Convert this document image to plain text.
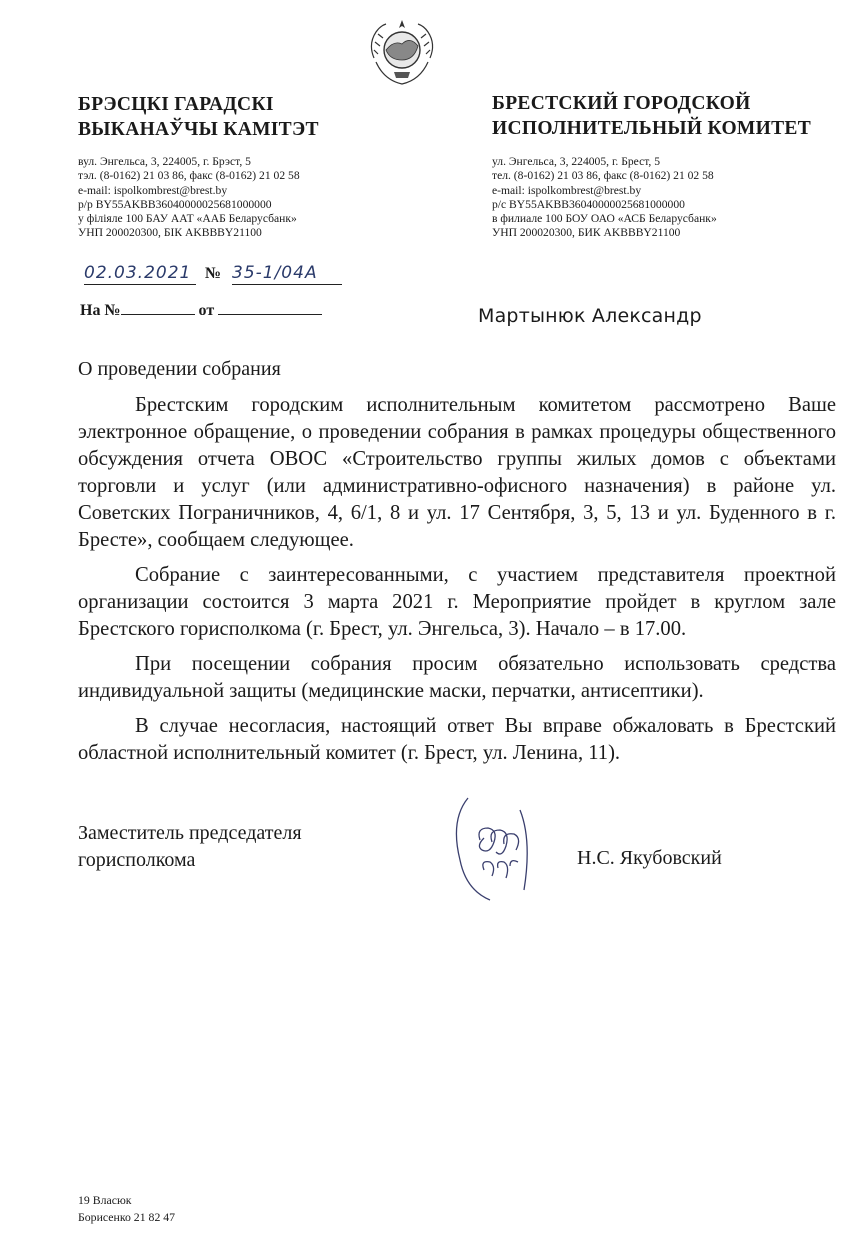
БРЭСЦКІ ГАРАДСКІ
ВЫКАНАЎЧЫ КАМІТЭТ
БРЕСТСКИЙ ГОРОДСКОЙ
ИСПОЛНИТЕЛЬНЫЙ КОМИТЕТ
вул. Энгельса, 3, 224005, г. Брэст, 5
тэл. (8-0162) 21 03 86, факс (8-0162) 21 02 58
e-mail: ispolkombrest@brest.by
р/р BY55AKBB36040000025681000000
у філіяле 100 БАУ ААТ «ААБ Беларусбанк»
УНП 200020300, БІК AKBBBY21100
ул. Энгельса, 3, 224005, г. Брест, 5
тел. (8-0162) 21 03 86, факс (8-0162) 21 02 58
e-mail: ispolkombrest@brest.by
р/с BY55AKBB36040000025681000000
в филиале 100 БОУ ОАО «АСБ Беларусбанк»
УНП 200020300, БИК AKBBBY21100
02.03.2021 № 35-1/04А
На №	от	Мартынюк Александр
О проведении собрания

Брестским городским исполнительным комитетом рассмотрено Ваше электронное обращение, о проведении собрания в рамках процедуры общественного обсуждения отчета ОВОС «Строительство группы жилых домов с объектами торговли и услуг (или административно-офисного назначения) в районе ул. Советских Пограничников, 4, 6/1, 8 и ул. 17 Сентября, 3, 5, 13 и ул. Буденного в г. Бресте», сообщаем следующее.

Собрание с заинтересованными, с участием представителя проектной организации состоится 3 марта 2021 г. Мероприятие пройдет в круглом зале Брестского горисполкома (г. Брест, ул. Энгельса, 3). Начало – в 17.00.

При посещении собрания просим обязательно использовать средства индивидуальной защиты (медицинские маски, перчатки, антисептики).

В случае несогласия, настоящий ответ Вы вправе обжаловать в Брестский областной исполнительный комитет (г. Брест, ул. Ленина, 11).

Заместитель председателя
горисполкома	Н.С. Якубовский
19 Власюк
Борисенко 21 82 47
